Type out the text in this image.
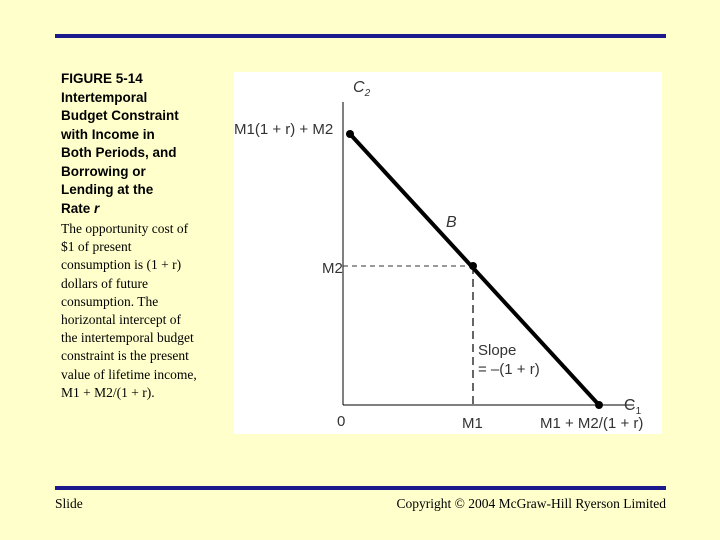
FIGURE 5-14
Intertemporal
Budget Constraint
with Income in
Both Periods, and
Borrowing or
Lending at the
Rate r
The opportunity cost of
$1 of present
consumption is (1 + r)
dollars of future
consumption. The
horizontal intercept of
the intertemporal budget
constraint is the present
value of lifetime income,
M1 + M2/(1 + r).
$C_2$
$C_1$
M1(1 + r) + M2
M2
0	M1	M1 + M2/(1 + r)
B
Slope
= –(1 + r)
Slide	Copyright © 2004 McGraw-Hill Ryerson Limited
